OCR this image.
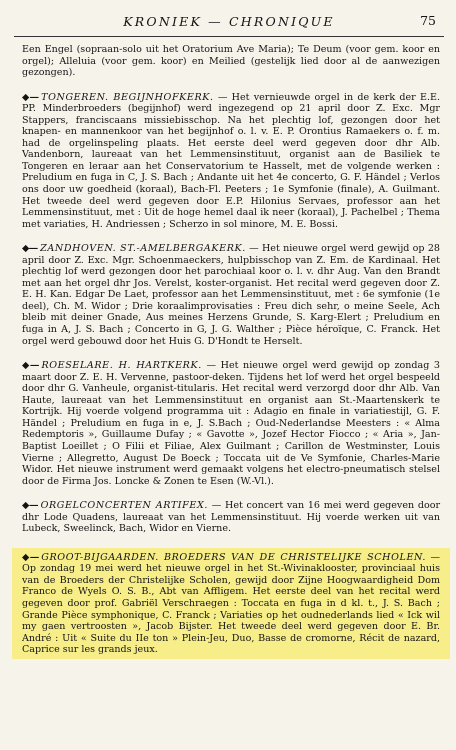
KRONIEK — CHRONIQUE	75

Een Engel (sopraan-solo uit het Oratorium Ave Maria); Te Deum (voor gem. koor en orgel); Alleluia (voor gem. koor) en Meilied (gestelijk lied door al de aanwezigen gezongen).

◆— TONGEREN. BEGIJNHOFKERK. — Het vernieuwde orgel in de kerk der E.E. PP. Minderbroeders (begijnhof) werd ingezegend op 21 april door Z. Exc. Mgr Stappers, franciscaans missiebisschop. Na het plechtig lof, gezongen door het knapen- en mannenkoor van het begijnhof o. l. v. E. P. Orontius Ramaekers o. f. m. had de orgelinspeling plaats. Het eerste deel werd gegeven door dhr Alb. Vandenborn, laureaat van het Lemmensinstituut, organist aan de Basiliek te Tongeren en leraar aan het Conservatorium te Hasselt, met de volgende werken : Preludium en fuga in C, J. S. Bach ; Andante uit het 4e concerto, G. F. Händel ; Verlos ons door uw goedheid (koraal), Bach-Fl. Peeters ; 1e Symfonie (finale), A. Guilmant. Het tweede deel werd gegeven door E.P. Hilonius Servaes, professor aan het Lemmensinstituut, met : Uit de hoge hemel daal ik neer (koraal), J. Pachelbel ; Thema met variaties, H. Andriessen ; Scherzo in sol minore, M. E. Bossi.

◆— ZANDHOVEN. ST.-AMELBERGAKERK. — Het nieuwe orgel werd gewijd op 28 april door Z. Exc. Mgr. Schoenmaeckers, hulpbisschop van Z. Em. de Kardinaal. Het plechtig lof werd gezongen door het parochiaal koor o. l. v. dhr Aug. Van den Brandt met aan het orgel dhr Jos. Verelst, koster-organist. Het recital werd gegeven door Z. E. H. Kan. Edgar De Laet, professor aan het Lemmensinstituut, met : 6e symfonie (1e deel), Ch. M. Widor ; Drie koraalimprovisaties : Freu dich sehr, o meine Seele, Ach bleib mit deiner Gnade, Aus meines Herzens Grunde, S. Karg-Elert ; Preludium en fuga in A, J. S. Bach ; Concerto in G, J. G. Walther ; Pièce héroïque, C. Franck. Het orgel werd gebouwd door het Huis G. D'Hondt te Herselt.

◆— ROESELARE. H. HARTKERK. — Het nieuwe orgel werd gewijd op zondag 3 maart door Z. E. H. Vervenne, pastoor-deken. Tijdens het lof werd het orgel bespeeld door dhr G. Vanheule, organist-titularis. Het recital werd verzorgd door dhr Alb. Van Haute, laureaat van het Lemmensinstituut en organist aan St.-Maartenskerk te Kortrijk. Hij voerde volgend programma uit : Adagio en finale in variatiestijl, G. F. Händel ; Preludium en fuga in e, J. S.Bach ; Oud-Nederlandse Meesters : « Alma Redemptoris », Guillaume Dufay ; « Gavotte », Jozef Hector Fiocco ; « Aria », Jan-Baptist Loeillet ; O Filii et Filiae, Alex Guilmant ; Carillon de Westminster, Louis Vierne ; Allegretto, August De Boeck ; Toccata uit de Ve Symfonie, Charles-Marie Widor. Het nieuwe instrument werd gemaakt volgens het electro-pneumatisch stelsel door de Firma Jos. Loncke & Zonen te Esen (W.-Vl.).

◆— ORGELCONCERTEN ARTIFEX. — Het concert van 16 mei werd gegeven door dhr Lode Quadens, laureaat van het Lemmensinstituut. Hij voerde werken uit van Lubeck, Sweelinck, Bach, Widor en Vierne.

◆— GROOT-BIJGAARDEN. BROEDERS VAN DE CHRISTELIJKE SCHOLEN. — Op zondag 19 mei werd het nieuwe orgel in het St.-Wivinaklooster, provinciaal huis van de Broeders der Christelijke Scholen, gewijd door Zijne Hoogwaardigheid Dom Franco de Wyels O. S. B., Abt van Affligem. Het eerste deel van het recital werd gegeven door prof. Gabriël Verschraegen : Toccata en fuga in d kl. t., J. S. Bach ; Grande Pièce symphonique, C. Franck ; Variaties op het oudnederlands lied « Ick wil my gaen vertroosten », Jacob Bijster. Het tweede deel werd gegeven door E. Br. André : Uit « Suite du IIe ton » Plein-Jeu, Duo, Basse de cromorne, Récit de nazard, Caprice sur les grands jeux.
